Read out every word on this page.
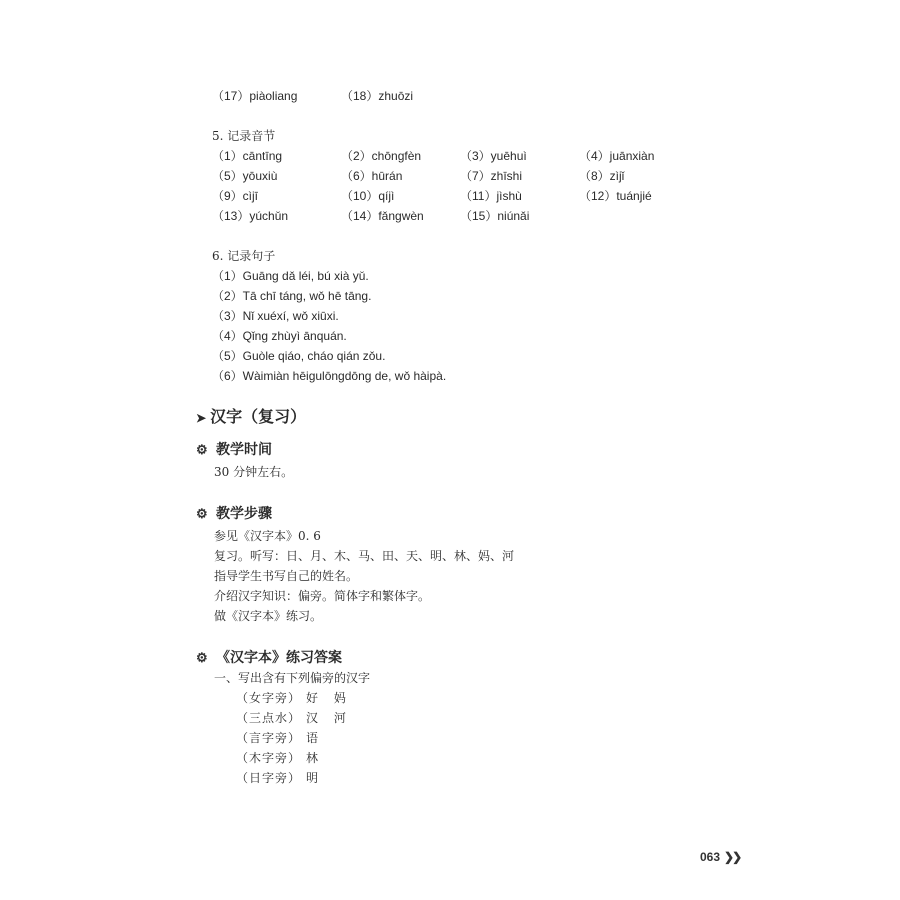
（17）piàoliang	（18）zhuōzi
5. 记录音节
（1）cāntīng	（2）chōngfèn	（3）yuēhuì	（4）juānxiàn
（5）yōuxiù	（6）hūrán	（7）zhīshi	（8）zìjǐ
（9）cìjī	（10）qíjì	（11）jìshù	（12）tuánjié
（13）yúchǔn	（14）fǎngwèn	（15）niúnǎi
6. 记录句子
（1）Guāng dǎ léi, bú xià yǔ.
（2）Tā chī táng, wǒ hē tāng.
（3）Nǐ xuéxí, wǒ xiūxi.
（4）Qǐng zhùyì ānquán.
（5）Guòle qiáo, cháo qián zǒu.
（6）Wàimiàn hēigulōngdōng de, wǒ hàipà.
➤ 汉字（复习）
⚙ 教学时间
30 分钟左右。
⚙ 教学步骤
参见《汉字本》0. 6
复习。听写：日、月、木、马、田、天、明、林、妈、河
指导学生书写自己的姓名。
介绍汉字知识：偏旁。简体字和繁体字。
做《汉字本》练习。
⚙ 《汉字本》练习答案
一、写出含有下列偏旁的汉字
（女字旁） 好 妈
（三点水） 汉 河
（言字旁） 语
（木字旁） 林
（日字旁） 明
063 ❯❯
